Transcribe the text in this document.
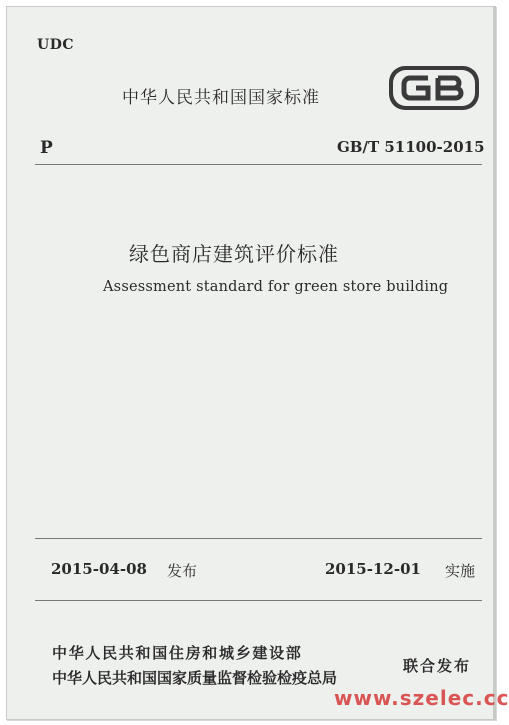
UDC
中华人民共和国国家标准
P	GB/T 51100-2015
绿色商店建筑评价标准
Assessment standard for green store building
2015-04-08 发布	2015-12-01 实施
中华人民共和国住房和城乡建设部
中华人民共和国国家质量监督检验检疫总局
联合发布
www.szelec.cc
